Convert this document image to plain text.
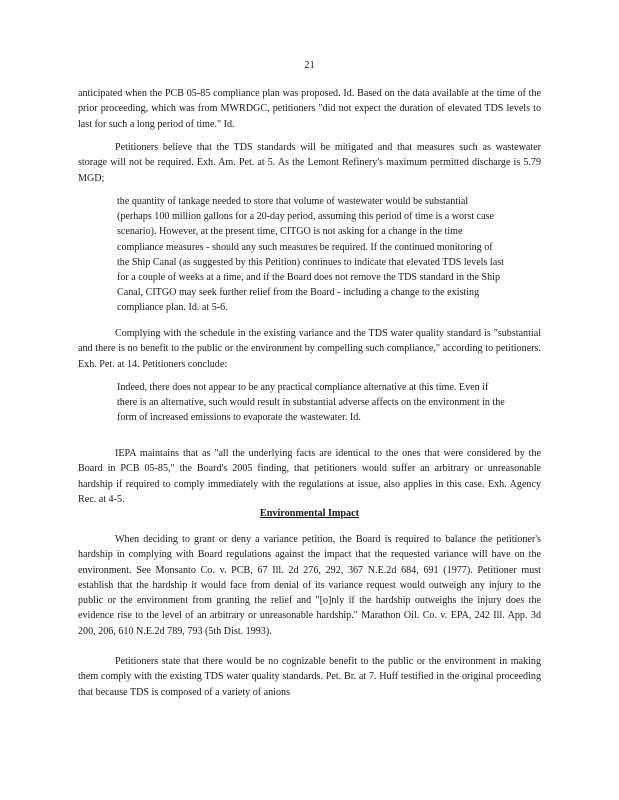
21

anticipated when the PCB 05-85 compliance plan was proposed. Id. Based on the data available at the time of the prior proceeding, which was from MWRDGC, petitioners "did not expect the duration of elevated TDS levels to last for such a long period of time." Id.

Petitioners believe that the TDS standards will be mitigated and that measures such as wastewater storage will not be required. Exh. Am. Pet. at 5. As the Lemont Refinery's maximum permitted discharge is 5.79 MGD;

the quantity of tankage needed to store that volume of wastewater would be substantial (perhaps 100 million gallons for a 20-day period, assuming this period of time is a worst case scenario). However, at the present time, CITGO is not asking for a change in the time compliance measures - should any such measures be required. If the continued monitoring of the Ship Canal (as suggested by this Petition) continues to indicate that elevated TDS levels last for a couple of weeks at a time, and if the Board does not remove the TDS standard in the Ship Canal, CITGO may seek further relief from the Board - including a change to the existing compliance plan. Id. at 5-6.

Complying with the schedule in the existing variance and the TDS water quality standard is "substantial and there is no benefit to the public or the environment by compelling such compliance," according to petitioners. Exh. Pet. at 14. Petitioners conclude:

Indeed, there does not appear to be any practical compliance alternative at this time. Even if there is an alternative, such would result in substantial adverse affects on the environment in the form of increased emissions to evaporate the wastewater. Id.

IEPA maintains that as "all the underlying facts are identical to the ones that were considered by the Board in PCB 05-85," the Board's 2005 finding, that petitioners would suffer an arbitrary or unreasonable hardship if required to comply immediately with the regulations at issue, also applies in this case. Exh. Agency Rec. at 4-5.

Environmental Impact

When deciding to grant or deny a variance petition, the Board is required to balance the petitioner's hardship in complying with Board regulations against the impact that the requested variance will have on the environment. See Monsanto Co. v. PCB, 67 Ill. 2d 276, 292, 367 N.E.2d 684, 691 (1977). Petitioner must establish that the hardship it would face from denial of its variance request would outweigh any injury to the public or the environment from granting the relief and "[o]nly if the hardship outweighs the injury does the evidence rise to the level of an arbitrary or unreasonable hardship." Marathon Oil. Co. v. EPA, 242 Ill. App. 3d 200, 206, 610 N.E.2d 789, 793 (5th Dist. 1993).

Petitioners state that there would be no cognizable benefit to the public or the environment in making them comply with the existing TDS water quality standards. Pet. Br. at 7. Huff testified in the original proceeding that because TDS is composed of a variety of anions
